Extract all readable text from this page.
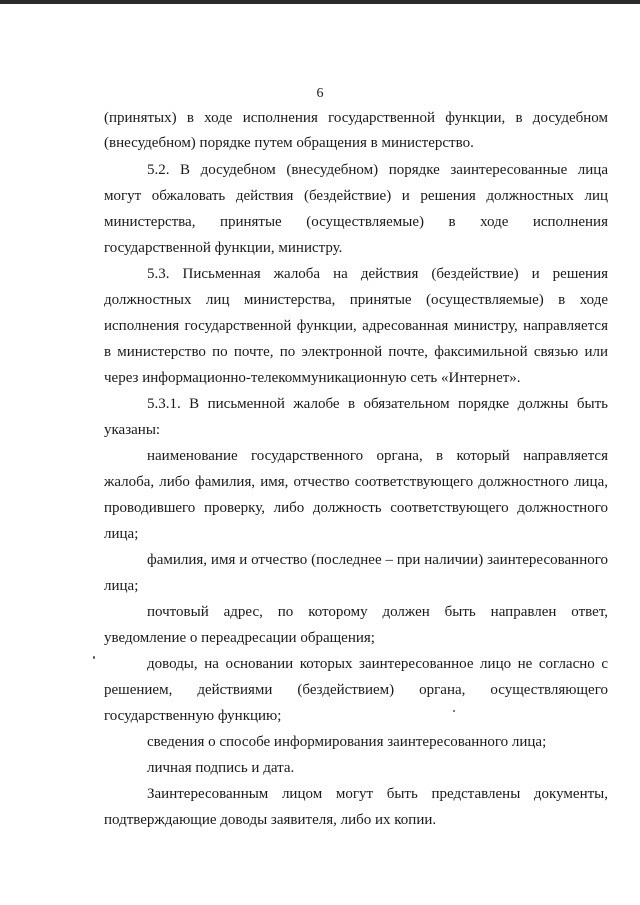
6
(принятых) в ходе исполнения государственной функции, в досудебном
(внесудебном) порядке путем обращения в министерство.
5.2. В досудебном (внесудебном) порядке заинтересованные лица
могут обжаловать действия (бездействие) и решения должностных лиц
министерства, принятые (осуществляемые) в ходе исполнения
государственной функции, министру.
5.3. Письменная жалоба на действия (бездействие) и решения
должностных лиц министерства, принятые (осуществляемые) в ходе
исполнения государственной функции, адресованная министру, направляется
в министерство по почте, по электронной почте, факсимильной связью или
через информационно-телекоммуникационную сеть «Интернет».
5.3.1. В письменной жалобе в обязательном порядке должны быть
указаны:
наименование государственного органа, в который направляется
жалоба, либо фамилия, имя, отчество соответствующего должностного лица,
проводившего проверку, либо должность соответствующего должностного
лица;
фамилия, имя и отчество (последнее – при наличии) заинтересованного
лица;
почтовый адрес, по которому должен быть направлен ответ,
уведомление о переадресации обращения;
доводы, на основании которых заинтересованное лицо не согласно с
решением, действиями (бездействием) органа, осуществляющего
государственную функцию;
сведения о способе информирования заинтересованного лица;
личная подпись и дата.
Заинтересованным лицом могут быть представлены документы,
подтверждающие доводы заявителя, либо их копии.
